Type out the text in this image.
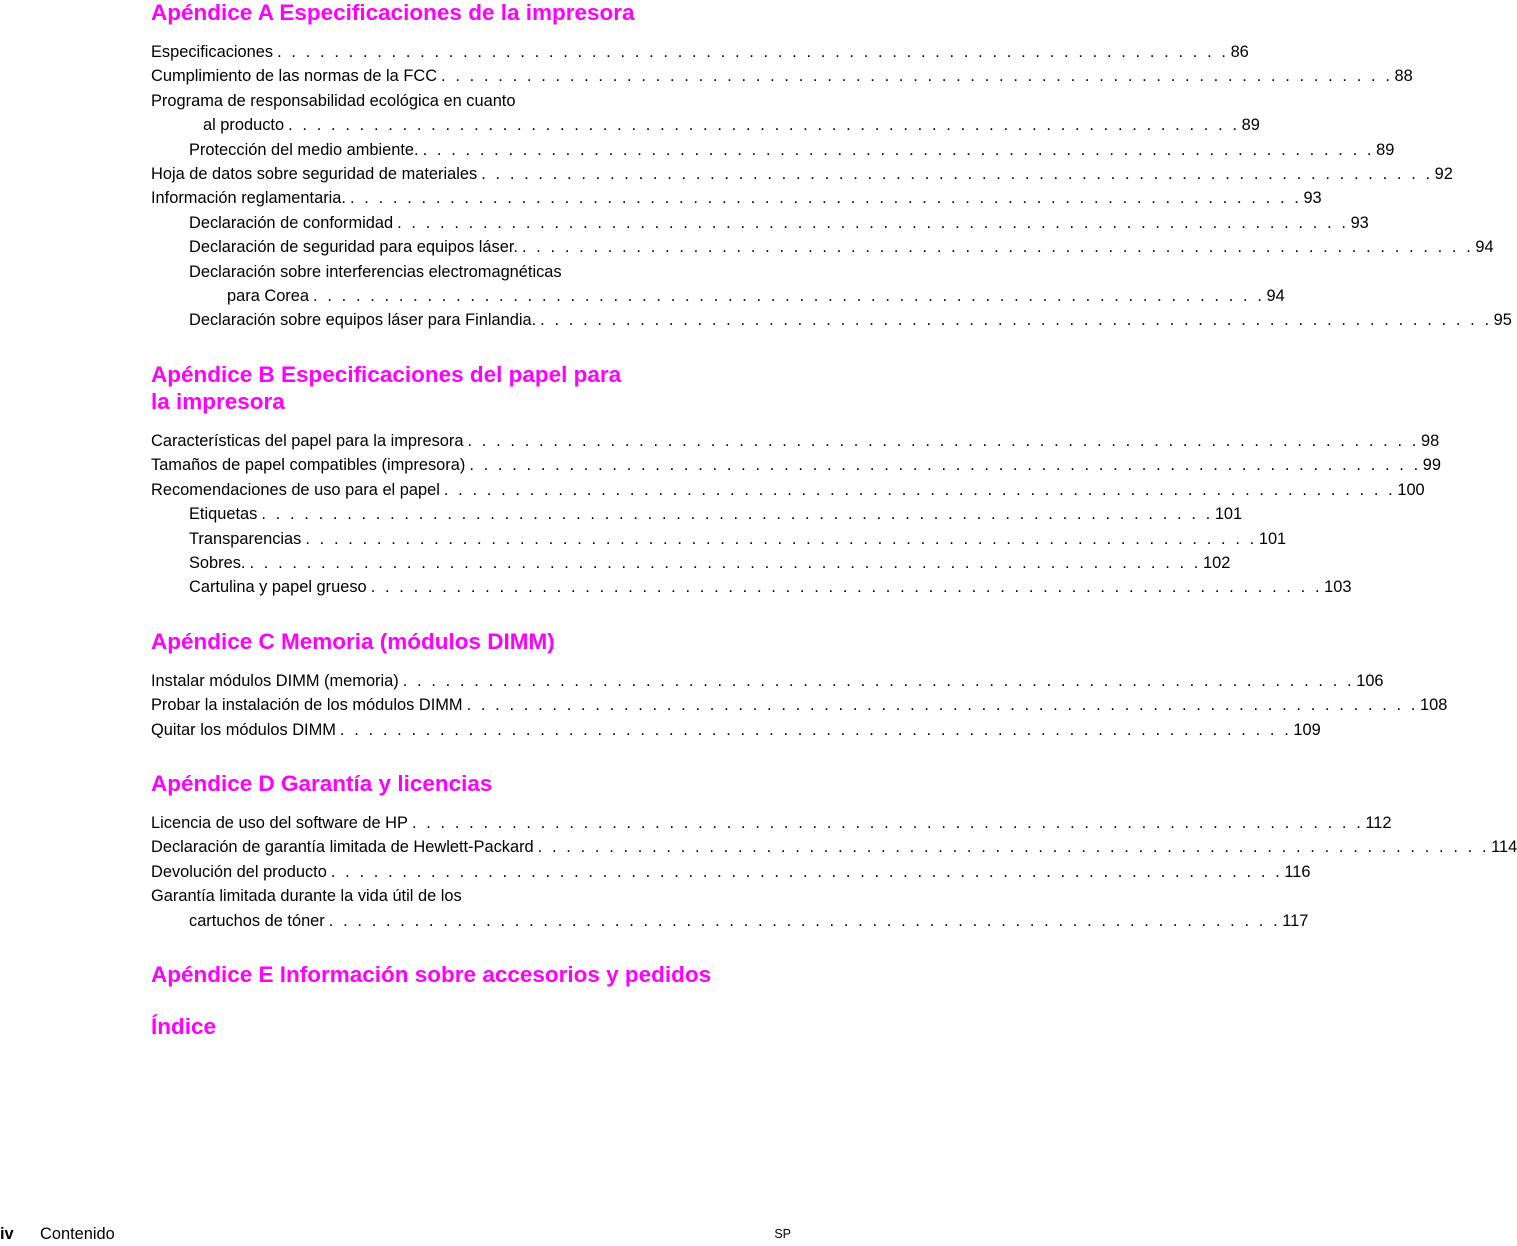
Apéndice A Especificaciones de la impresora
Especificaciones . . . . . . . . . . . . . . . . . . . . . . . . . . . . . . . . . . . . . . . . . . . . . . . . . . . . . . . . . . . . . . . . . . . 86
Cumplimiento de las normas de la FCC . . . . . . . . . . . . . . . . . . . . . . . . . . . . . . . . . . . . . . . . . . . . . . . . . . . . . . . . . . . . . . . . . . . 88
Programa de responsabilidad ecológica en cuanto
al producto . . . . . . . . . . . . . . . . . . . . . . . . . . . . . . . . . . . . . . . . . . . . . . . . . . . . . . . . . . . . . . . . . . . 89
Protección del medio ambiente. . . . . . . . . . . . . . . . . . . . . . . . . . . . . . . . . . . . . . . . . . . . . . . . . . . . . . . . . . . . . . . . . . . . 89
Hoja de datos sobre seguridad de materiales . . . . . . . . . . . . . . . . . . . . . . . . . . . . . . . . . . . . . . . . . . . . . . . . . . . . . . . . . . . . . . . . . . . 92
Información reglamentaria. . . . . . . . . . . . . . . . . . . . . . . . . . . . . . . . . . . . . . . . . . . . . . . . . . . . . . . . . . . . . . . . . . . . 93
Declaración de conformidad . . . . . . . . . . . . . . . . . . . . . . . . . . . . . . . . . . . . . . . . . . . . . . . . . . . . . . . . . . . . . . . . . . . 93
Declaración de seguridad para equipos láser. . . . . . . . . . . . . . . . . . . . . . . . . . . . . . . . . . . . . . . . . . . . . . . . . . . . . . . . . . . . . . . . . . . . 94
Declaración sobre interferencias electromagnéticas
para Corea . . . . . . . . . . . . . . . . . . . . . . . . . . . . . . . . . . . . . . . . . . . . . . . . . . . . . . . . . . . . . . . . . . . 94
Declaración sobre equipos láser para Finlandia. . . . . . . . . . . . . . . . . . . . . . . . . . . . . . . . . . . . . . . . . . . . . . . . . . . . . . . . . . . . . . . . . . . . 95
Apéndice B Especificaciones del papel para
la impresora
Características del papel para la impresora . . . . . . . . . . . . . . . . . . . . . . . . . . . . . . . . . . . . . . . . . . . . . . . . . . . . . . . . . . . . . . . . . . . 98
Tamaños de papel compatibles (impresora) . . . . . . . . . . . . . . . . . . . . . . . . . . . . . . . . . . . . . . . . . . . . . . . . . . . . . . . . . . . . . . . . . . . 99
Recomendaciones de uso para el papel . . . . . . . . . . . . . . . . . . . . . . . . . . . . . . . . . . . . . . . . . . . . . . . . . . . . . . . . . . . . . . . . . . . 100
Etiquetas . . . . . . . . . . . . . . . . . . . . . . . . . . . . . . . . . . . . . . . . . . . . . . . . . . . . . . . . . . . . . . . . . . . 101
Transparencias . . . . . . . . . . . . . . . . . . . . . . . . . . . . . . . . . . . . . . . . . . . . . . . . . . . . . . . . . . . . . . . . . . . 101
Sobres. . . . . . . . . . . . . . . . . . . . . . . . . . . . . . . . . . . . . . . . . . . . . . . . . . . . . . . . . . . . . . . . . . . . 102
Cartulina y papel grueso . . . . . . . . . . . . . . . . . . . . . . . . . . . . . . . . . . . . . . . . . . . . . . . . . . . . . . . . . . . . . . . . . . . 103
Apéndice C Memoria (módulos DIMM)
Instalar módulos DIMM (memoria) . . . . . . . . . . . . . . . . . . . . . . . . . . . . . . . . . . . . . . . . . . . . . . . . . . . . . . . . . . . . . . . . . . . 106
Probar la instalación de los módulos DIMM . . . . . . . . . . . . . . . . . . . . . . . . . . . . . . . . . . . . . . . . . . . . . . . . . . . . . . . . . . . . . . . . . . . 108
Quitar los módulos DIMM . . . . . . . . . . . . . . . . . . . . . . . . . . . . . . . . . . . . . . . . . . . . . . . . . . . . . . . . . . . . . . . . . . . 109
Apéndice D Garantía y licencias
Licencia de uso del software de HP . . . . . . . . . . . . . . . . . . . . . . . . . . . . . . . . . . . . . . . . . . . . . . . . . . . . . . . . . . . . . . . . . . . 112
Declaración de garantía limitada de Hewlett-Packard . . . . . . . . . . . . . . . . . . . . . . . . . . . . . . . . . . . . . . . . . . . . . . . . . . . . . . . . . . . . . . . . . . . 114
Devolución del producto . . . . . . . . . . . . . . . . . . . . . . . . . . . . . . . . . . . . . . . . . . . . . . . . . . . . . . . . . . . . . . . . . . . 116
Garantía limitada durante la vida útil de los
cartuchos de tóner . . . . . . . . . . . . . . . . . . . . . . . . . . . . . . . . . . . . . . . . . . . . . . . . . . . . . . . . . . . . . . . . . . . 117
Apéndice E Información sobre accesorios y pedidos
Índice
iv Contenido	SP
